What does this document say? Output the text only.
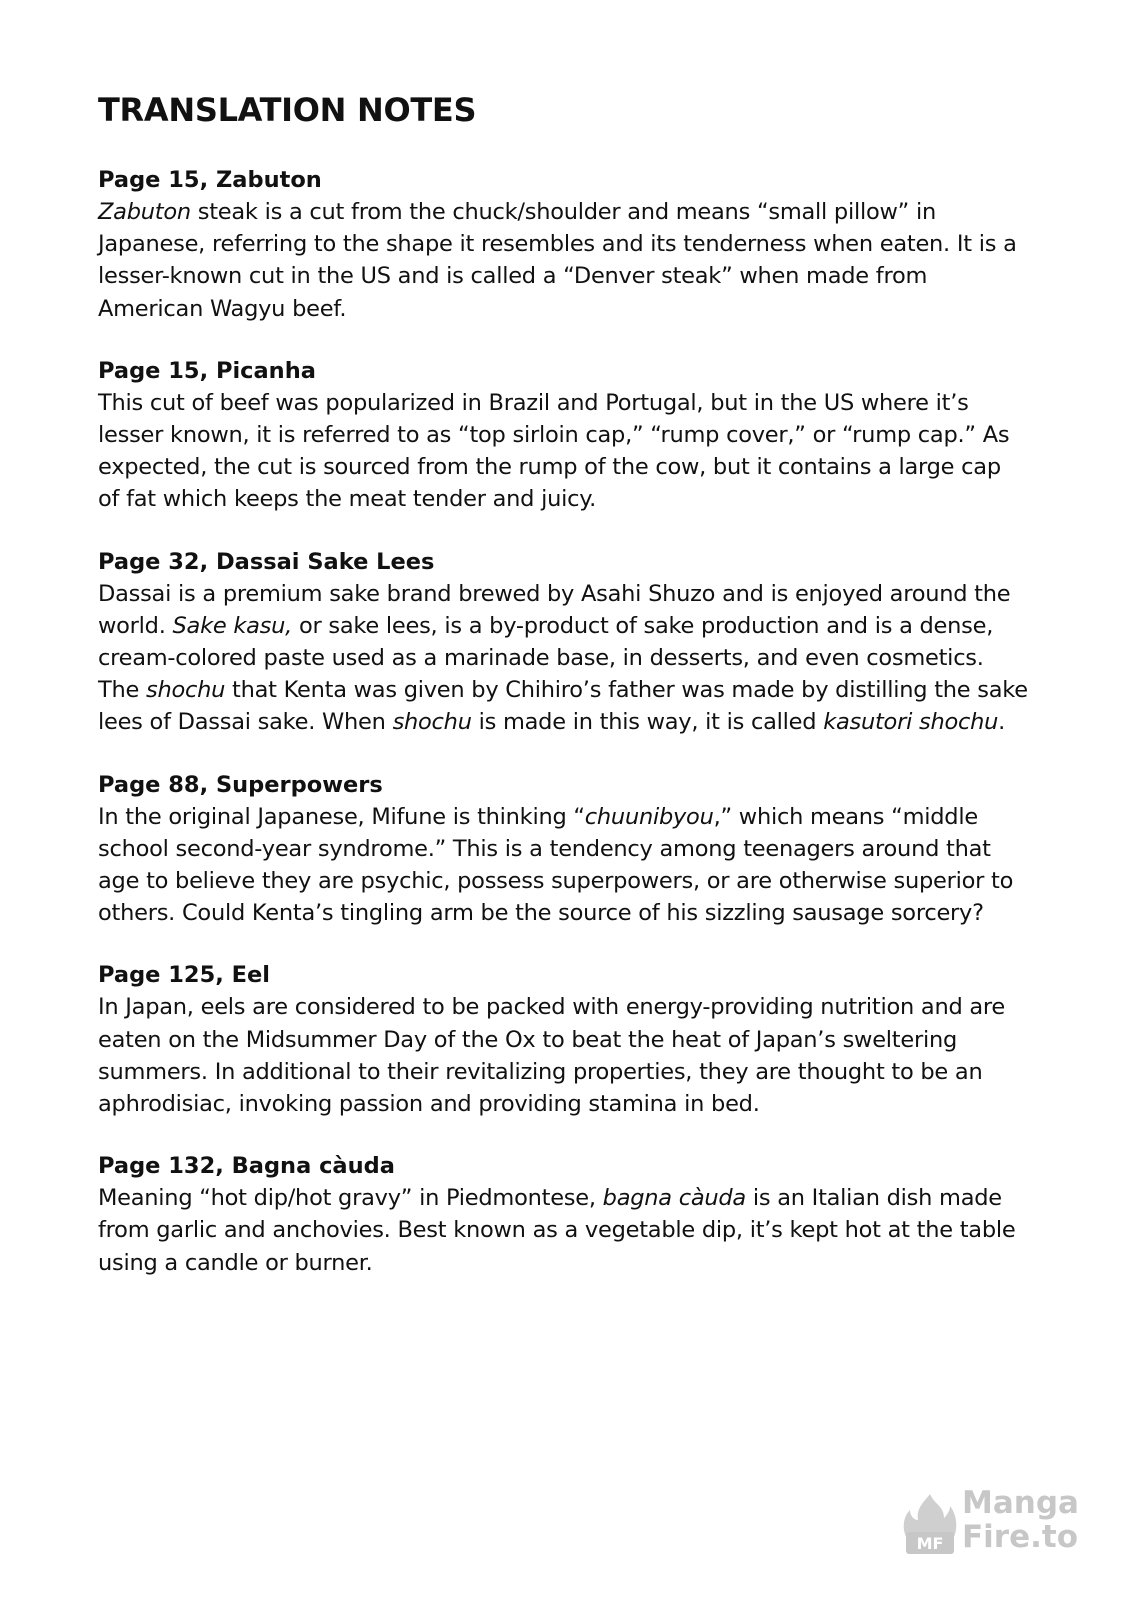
TRANSLATION NOTES

Page 15, Zabuton

Zabuton steak is a cut from the chuck/shoulder and means “small pillow” in Japanese, referring to the shape it resembles and its tenderness when eaten. It is a lesser-known cut in the US and is called a “Denver steak” when made from American Wagyu beef.

Page 15, Picanha

This cut of beef was popularized in Brazil and Portugal, but in the US where it’s lesser known, it is referred to as “top sirloin cap,” “rump cover,” or “rump cap.” As expected, the cut is sourced from the rump of the cow, but it contains a large cap of fat which keeps the meat tender and juicy.

Page 32, Dassai Sake Lees

Dassai is a premium sake brand brewed by Asahi Shuzo and is enjoyed around the world. Sake kasu, or sake lees, is a by-product of sake production and is a dense, cream-colored paste used as a marinade base, in desserts, and even cosmetics. The shochu that Kenta was given by Chihiro’s father was made by distilling the sake lees of Dassai sake. When shochu is made in this way, it is called kasutori shochu.

Page 88, Superpowers

In the original Japanese, Mifune is thinking “chuunibyou,” which means “middle school second-year syndrome.” This is a tendency among teenagers around that age to believe they are psychic, possess superpowers, or are otherwise superior to others. Could Kenta’s tingling arm be the source of his sizzling sausage sorcery?

Page 125, Eel

In Japan, eels are considered to be packed with energy-providing nutrition and are eaten on the Midsummer Day of the Ox to beat the heat of Japan’s sweltering summers. In additional to their revitalizing properties, they are thought to be an aphrodisiac, invoking passion and providing stamina in bed.

Page 132, Bagna càuda

Meaning “hot dip/hot gravy” in Piedmontese, bagna càuda is an Italian dish made from garlic and anchovies. Best known as a vegetable dip, it’s kept hot at the table using a candle or burner.

MF
Manga
Fire.to
